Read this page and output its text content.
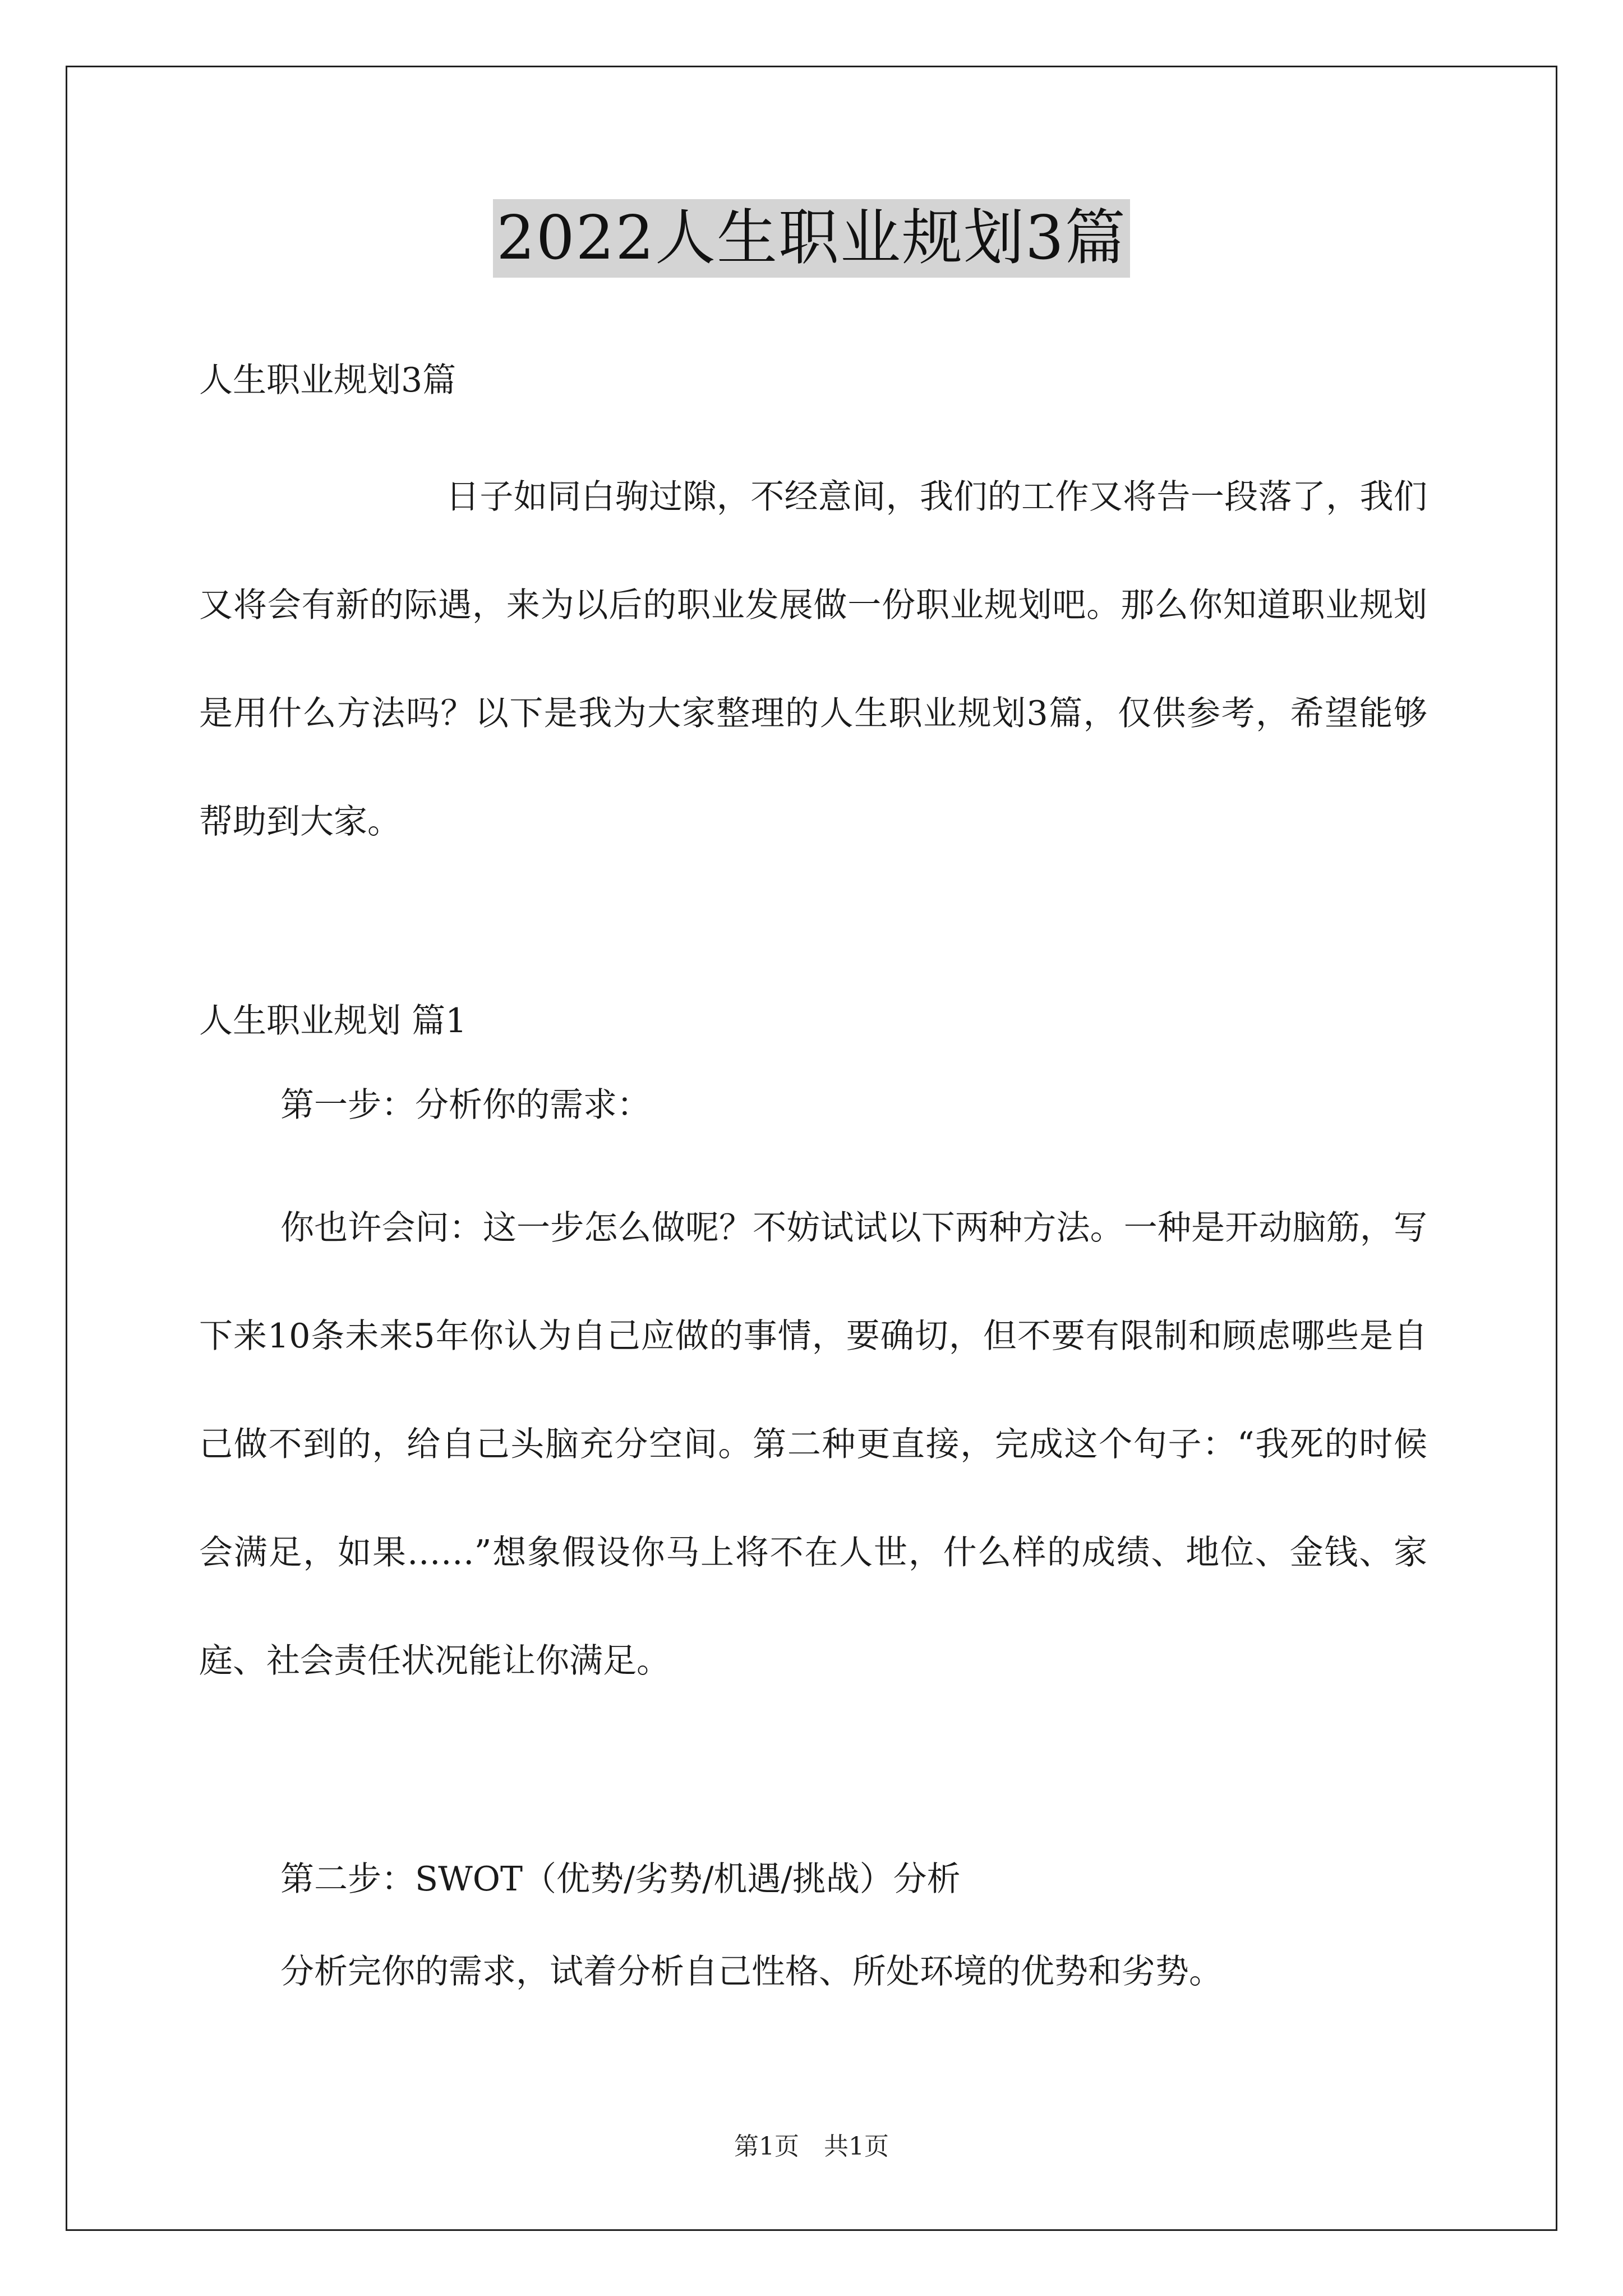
2022人生职业规划3篇
人生职业规划3篇
日子如同白驹过隙，不经意间，我们的工作又将告一段落了，我们又将会有新的际遇，来为以后的职业发展做一份职业规划吧。那么你知道职业规划是用什么方法吗？以下是我为大家整理的人生职业规划3篇，仅供参考，希望能够帮助到大家。
人生职业规划 篇1
第一步：分析你的需求：
你也许会问：这一步怎么做呢？不妨试试以下两种方法。一种是开动脑筋，写下来10条未来5年你认为自己应做的事情，要确切，但不要有限制和顾虑哪些是自己做不到的，给自己头脑充分空间。第二种更直接，完成这个句子：“我死的时候会满足，如果……”想象假设你马上将不在人世，什么样的成绩、地位、金钱、家庭、社会责任状况能让你满足。
第二步：SWOT（优势/劣势/机遇/挑战）分析
分析完你的需求，试着分析自己性格、所处环境的优势和劣势。
第1页 共1页
